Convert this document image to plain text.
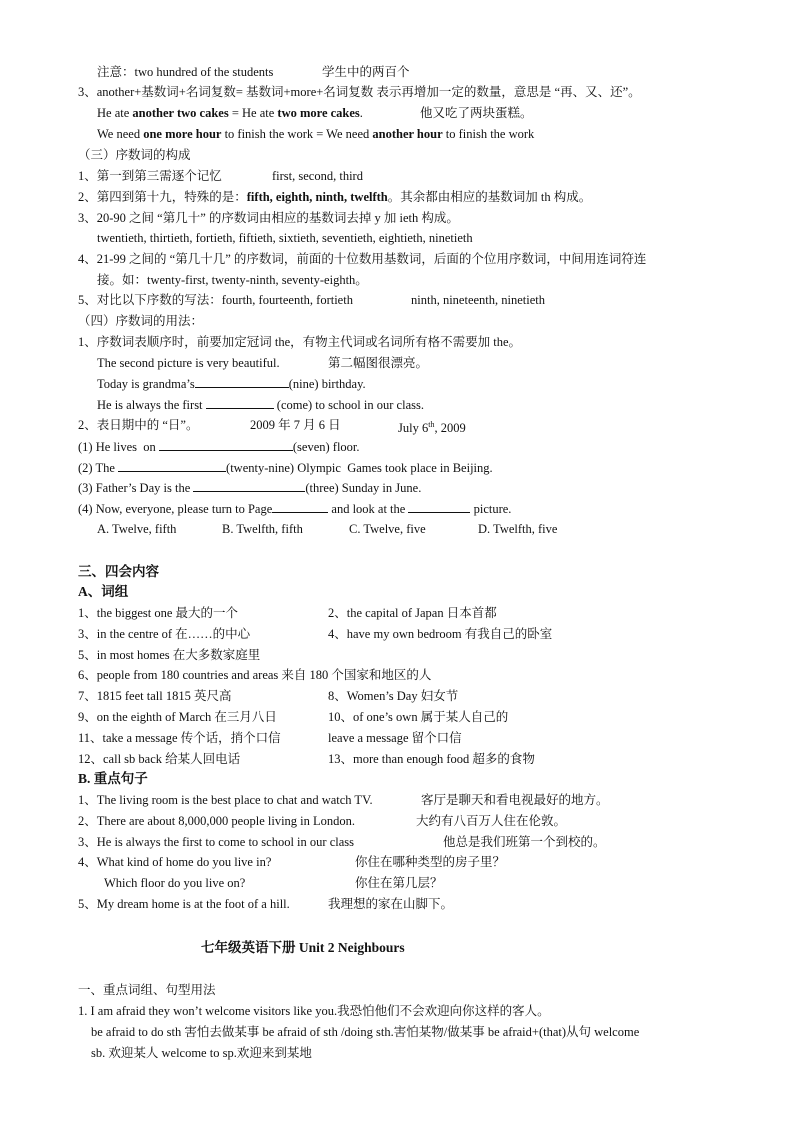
注意：two hundred of the students	学生中的两百个
3、another+基数词+名词复数= 基数词+more+名词复数 表示再增加一定的数量，意思是 “再、又、还”。
He ate another two cakes = He ate two more cakes.	他又吃了两块蛋糕。
We need one more hour to finish the work = We need another hour to finish the work
（三）序数词的构成
1、第一到第三需逐个记忆	first, second, third
2、第四到第十九，特殊的是：fifth, eighth, ninth, twelfth。其余都由相应的基数词加 th 构成。
3、20-90 之间 “第几十” 的序数词由相应的基数词去掉 y 加 ieth 构成。
twentieth, thirtieth, fortieth, fiftieth, sixtieth, seventieth, eightieth, ninetieth
4、21-99 之间的 “第几十几” 的序数词，前面的十位数用基数词，后面的个位用序数词，中间用连词符连
接。如：twenty-first, twenty-ninth, seventy-eighth。
5、对比以下序数的写法：fourth, fourteenth, fortieth	ninth, nineteenth, ninetieth
（四）序数词的用法：
1、序数词表顺序时，前要加定冠词 the，有物主代词或名词所有格不需要加 the。
The second picture is very beautiful.	第二幅图很漂亮。
Today is grandma’s	(nine) birthday.
He is always the first	(come) to school in our class.
2、表日期中的 “日”。	2009 年 7 月 6 日	July 6th, 2009
(1) He lives  on	(seven) floor.
(2) The	(twenty-nine) Olympic  Games took place in Beijing.
(3) Father’s Day is the	(three) Sunday in June.
(4) Now, everyone, please turn to Page	and look at the	picture.
A. Twelve, fifth	B. Twelfth, fifth	C. Twelve, five	D. Twelfth, five
三、四会内容
A、词组
1、the biggest one 最大的一个	2、the capital of Japan 日本首都
3、in the centre of 在……的中心	4、have my own bedroom 有我自己的卧室
5、in most homes 在大多数家庭里
6、people from 180 countries and areas 来自 180 个国家和地区的人
7、1815 feet tall 1815 英尺高	8、Women’s Day 妇女节
9、on the eighth of March 在三月八日	10、of one’s own 属于某人自己的
11、take a message 传个话，捎个口信	leave a message 留个口信
12、call sb back 给某人回电话	13、more than enough food 超多的食物
B. 重点句子
1、The living room is the best place to chat and watch TV.	客厅是聊天和看电视最好的地方。
2、There are about 8,000,000 people living in London.	大约有八百万人住在伦敦。
3、He is always the first to come to school in our class	他总是我们班第一个到校的。
4、What kind of home do you live in?	你住在哪种类型的房子里？
Which floor do you live on?	你住在第几层？
5、My dream home is at the foot of a hill.	我理想的家在山脚下。
七年级英语下册 Unit 2 Neighbours
一、重点词组、句型用法
1. I am afraid they won’t welcome visitors like you.我恐怕他们不会欢迎向你这样的客人。
be afraid to do sth 害怕去做某事 be afraid of sth /doing sth.害怕某物/做某事 be afraid+(that)从句 welcome
sb. 欢迎某人 welcome to sp.欢迎来到某地
